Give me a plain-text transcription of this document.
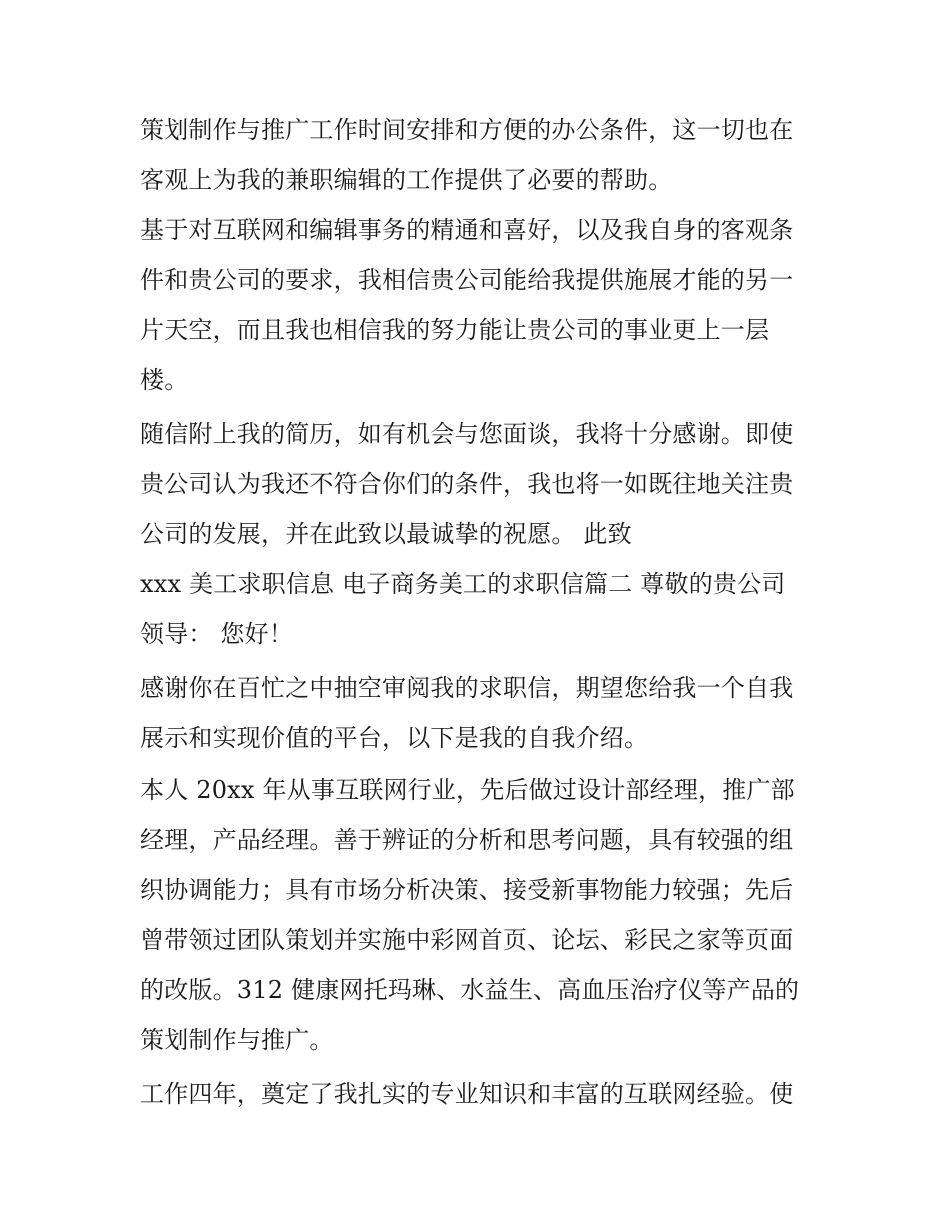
策划制作与推广工作时间安排和方便的办公条件，这一切也在
客观上为我的兼职编辑的工作提供了必要的帮助。
基于对互联网和编辑事务的精通和喜好，以及我自身的客观条
件和贵公司的要求，我相信贵公司能给我提供施展才能的另一
片天空，而且我也相信我的努力能让贵公司的事业更上一层
楼。
随信附上我的简历，如有机会与您面谈，我将十分感谢。即使
贵公司认为我还不符合你们的条件，我也将一如既往地关注贵
公司的发展，并在此致以最诚挚的祝愿。 此致
xxx 美工求职信息 电子商务美工的求职信篇二 尊敬的贵公司
领导： 您好！
感谢你在百忙之中抽空审阅我的求职信，期望您给我一个自我
展示和实现价值的平台，以下是我的自我介绍。
本人 20xx 年从事互联网行业，先后做过设计部经理，推广部
经理，产品经理。善于辨证的分析和思考问题，具有较强的组
织协调能力；具有市场分析决策、接受新事物能力较强；先后
曾带领过团队策划并实施中彩网首页、论坛、彩民之家等页面
的改版。312 健康网托玛琳、水益生、高血压治疗仪等产品的
策划制作与推广。
工作四年，奠定了我扎实的专业知识和丰富的互联网经验。使
